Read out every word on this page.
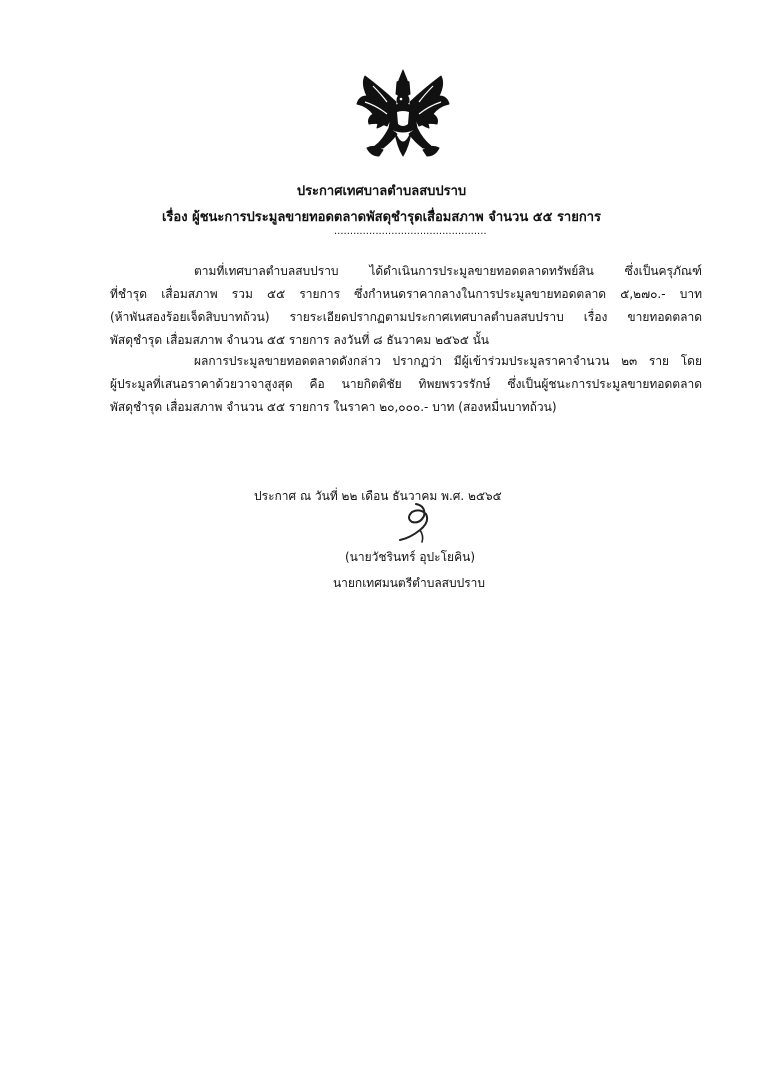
ประกาศเทศบาลตำบลสบปราบ
เรื่อง ผู้ชนะการประมูลขายทอดตลาดพัสดุชำรุดเสื่อมสภาพ จำนวน ๕๕ รายการ
................................................
ตามที่เทศบาลตำบลสบปราบ ได้ดำเนินการประมูลขายทอดตลาดทรัพย์สิน ซึ่งเป็นครุภัณฑ์
ที่ชำรุด เสื่อมสภาพ รวม ๕๕ รายการ ซึ่งกำหนดราคากลางในการประมูลขายทอดตลาด ๕,๒๗๐.- บาท
(ห้าพันสองร้อยเจ็ดสิบบาทถ้วน) รายระเอียดปรากฏตามประกาศเทศบาลตำบลสบปราบ เรื่อง ขายทอดตลาด
พัสดุชำรุด เสื่อมสภาพ จำนวน ๕๕ รายการ ลงวันที่ ๘ ธันวาคม ๒๕๖๕ นั้น
ผลการประมูลขายทอดตลาดดังกล่าว ปรากฏว่า มีผู้เข้าร่วมประมูลราคาจำนวน ๒๓ ราย โดย
ผู้ประมูลที่เสนอราคาด้วยวาจาสูงสุด คือ นายกิตติชัย ทิพยพรวรรักษ์ ซึ่งเป็นผู้ชนะการประมูลขายทอดตลาด
พัสดุชำรุด เสื่อมสภาพ จำนวน ๕๕ รายการ ในราคา ๒๐,๐๐๐.- บาท (สองหมื่นบาทถ้วน)
ประกาศ ณ วันที่ ๒๒ เดือน ธันวาคม พ.ศ. ๒๕๖๕
(นายวัชรินทร์ อุปะโยคิน)
นายกเทศมนตรีตำบลสบปราบ
